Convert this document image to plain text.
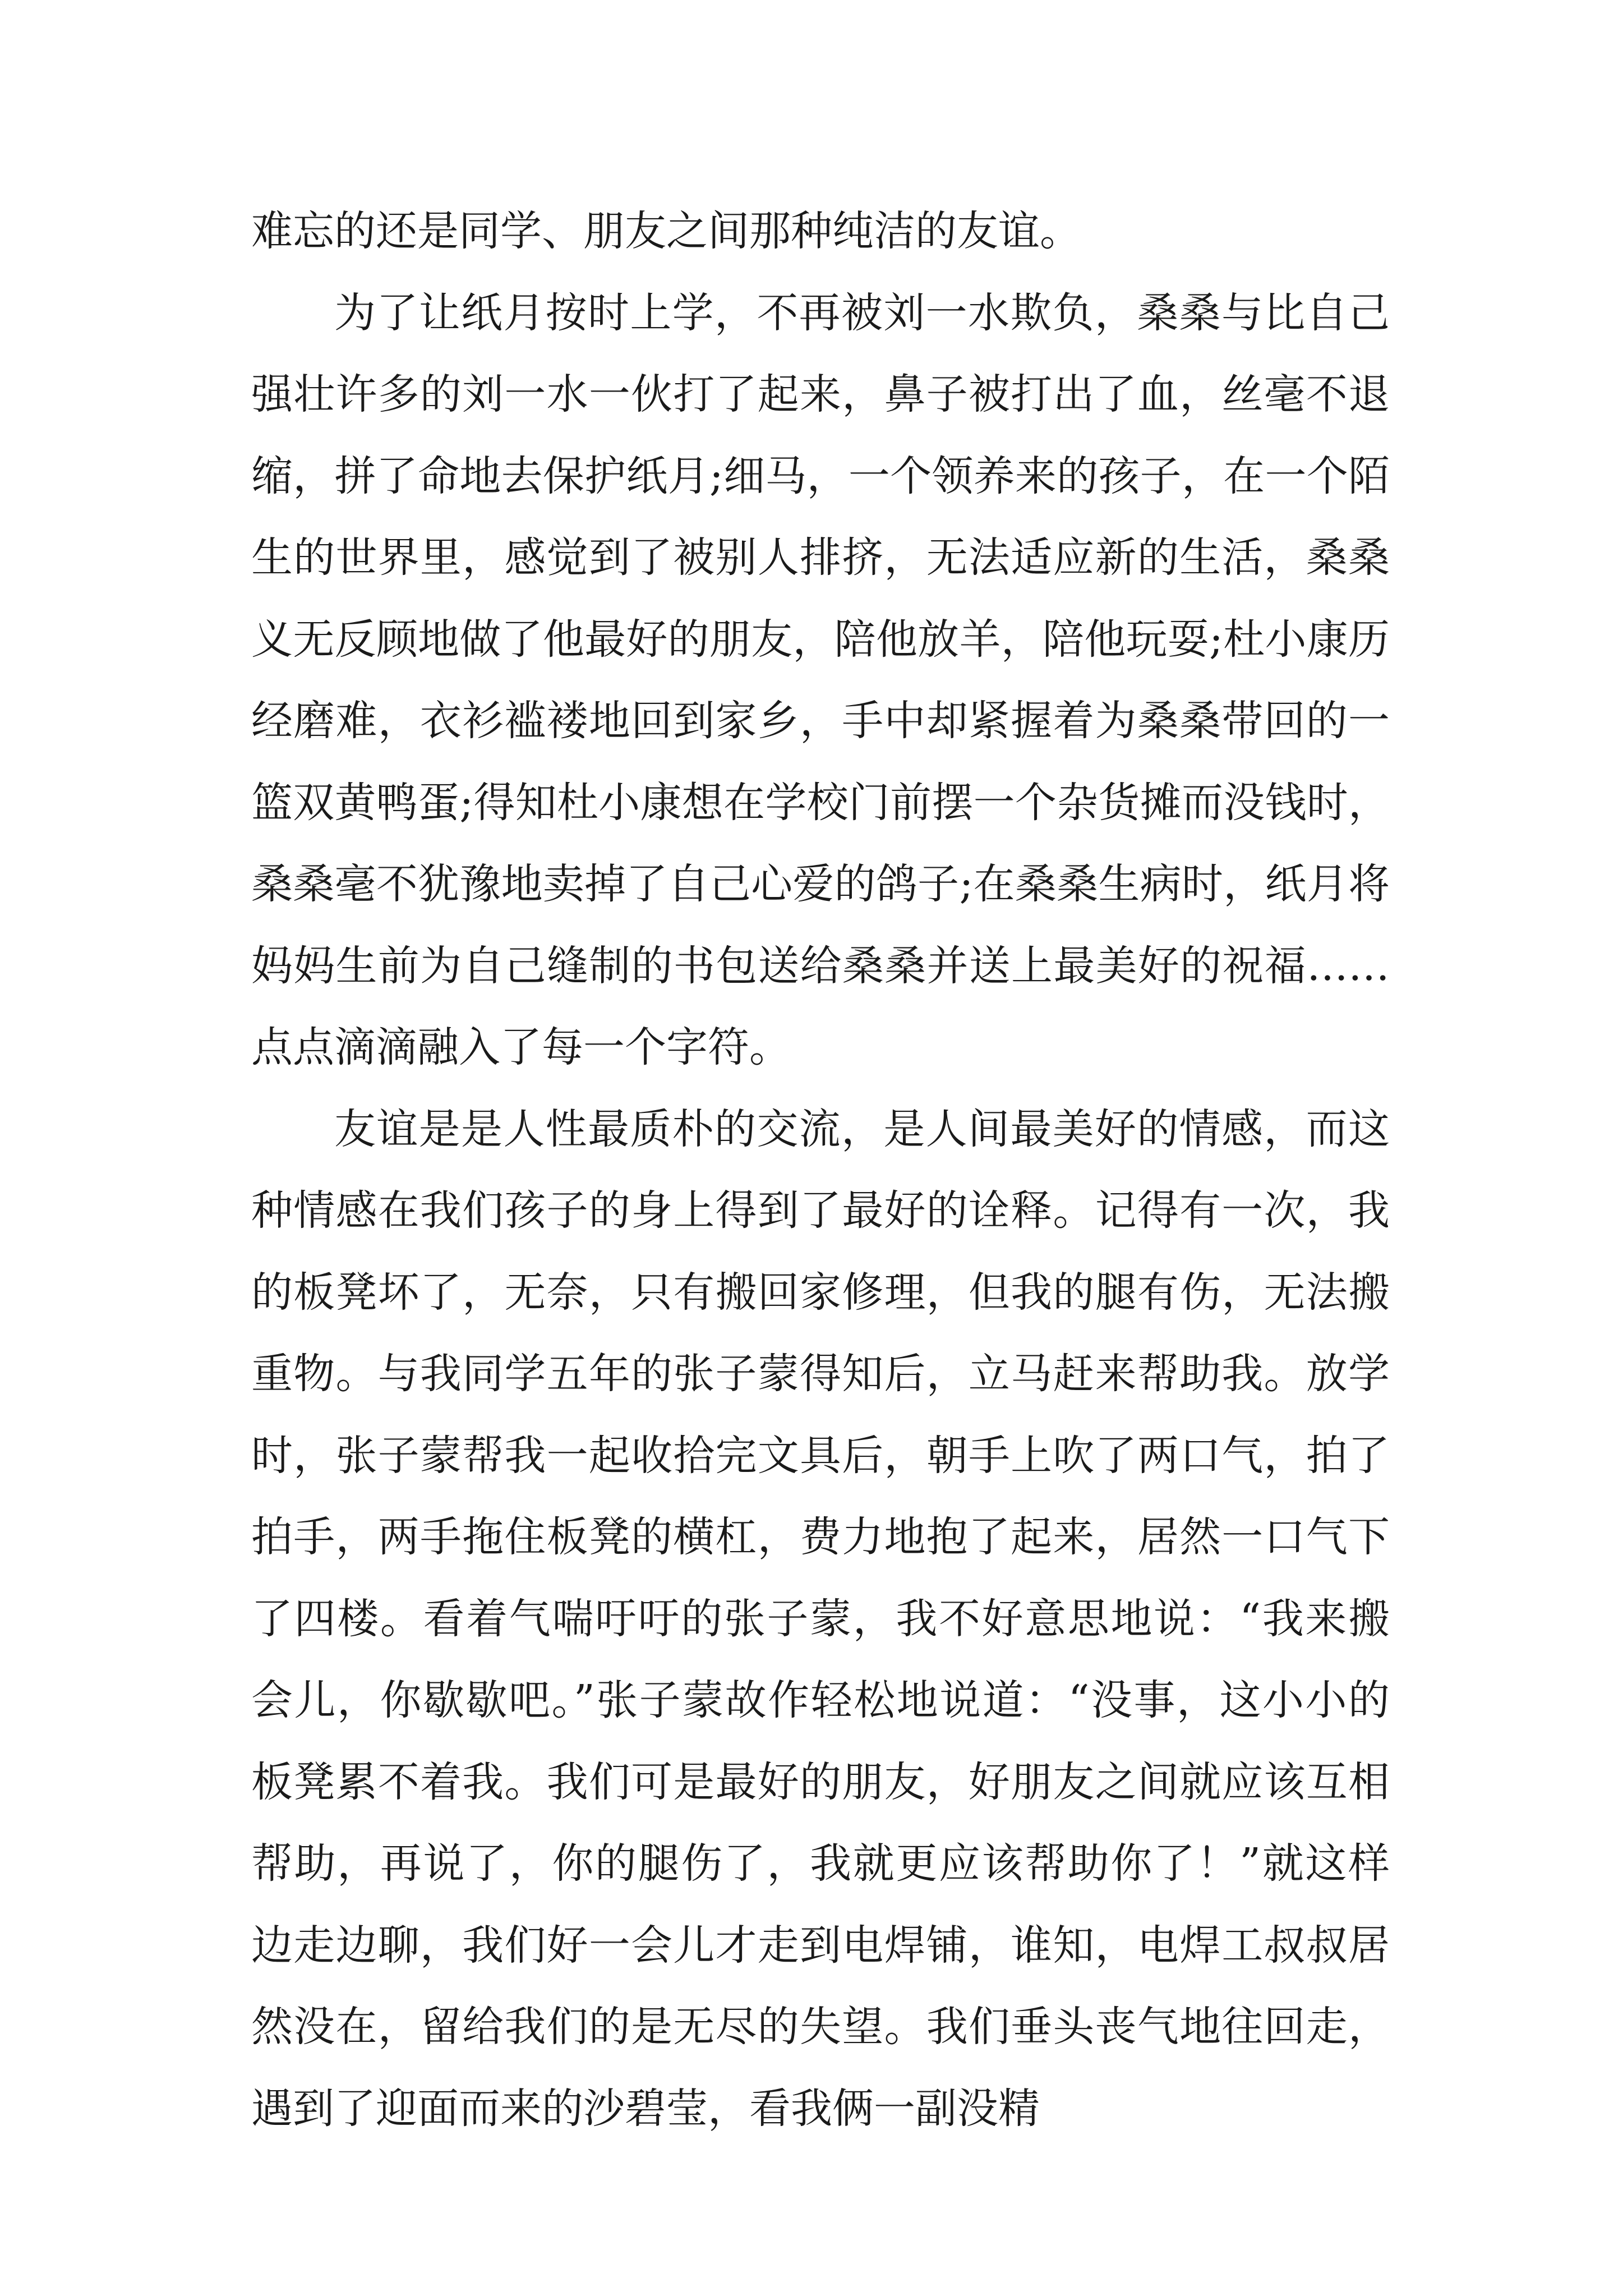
难忘的还是同学、朋友之间那种纯洁的友谊。

为了让纸月按时上学，不再被刘一水欺负，桑桑与比自己强壮许多的刘一水一伙打了起来，鼻子被打出了血，丝毫不退缩，拼了命地去保护纸月;细马，一个领养来的孩子，在一个陌生的世界里，感觉到了被别人排挤，无法适应新的生活，桑桑义无反顾地做了他最好的朋友，陪他放羊，陪他玩耍;杜小康历经磨难，衣衫褴褛地回到家乡，手中却紧握着为桑桑带回的一篮双黄鸭蛋;得知杜小康想在学校门前摆一个杂货摊而没钱时，桑桑毫不犹豫地卖掉了自己心爱的鸽子;在桑桑生病时，纸月将妈妈生前为自己缝制的书包送给桑桑并送上最美好的祝福……点点滴滴融入了每一个字符。

友谊是是人性最质朴的交流，是人间最美好的情感，而这种情感在我们孩子的身上得到了最好的诠释。记得有一次，我的板凳坏了，无奈，只有搬回家修理，但我的腿有伤，无法搬重物。与我同学五年的张子蒙得知后，立马赶来帮助我。放学时，张子蒙帮我一起收拾完文具后，朝手上吹了两口气，拍了拍手，两手拖住板凳的横杠，费力地抱了起来，居然一口气下了四楼。看着气喘吁吁的张子蒙，我不好意思地说：“我来搬会儿，你歇歇吧。”张子蒙故作轻松地说道：“没事，这小小的板凳累不着我。我们可是最好的朋友，好朋友之间就应该互相帮助，再说了，你的腿伤了，我就更应该帮助你了！”就这样边走边聊，我们好一会儿才走到电焊铺，谁知，电焊工叔叔居然没在，留给我们的是无尽的失望。我们垂头丧气地往回走，遇到了迎面而来的沙碧莹，看我俩一副没精
